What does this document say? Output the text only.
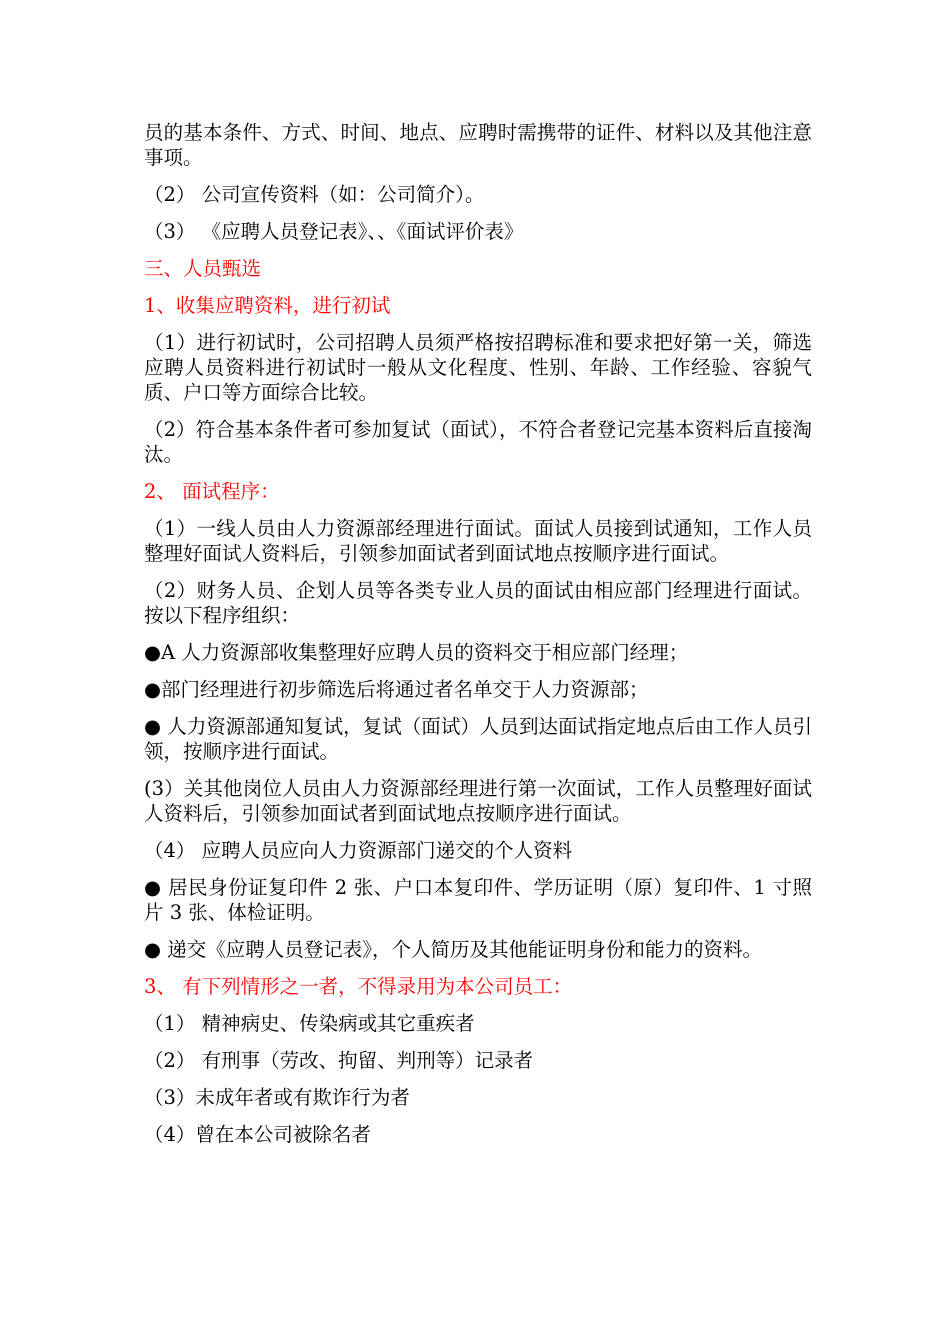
员的基本条件、方式、时间、地点、应聘时需携带的证件、材料以及其他注意事项。

（2） 公司宣传资料（如：公司简介）。

（3） 《应聘人员登记表》、、《面试评价表》

三、人员甄选

1、收集应聘资料，进行初试

（1）进行初试时，公司招聘人员须严格按招聘标准和要求把好第一关，筛选应聘人员资料进行初试时一般从文化程度、性别、年龄、工作经验、容貌气质、户口等方面综合比较。

（2）符合基本条件者可参加复试（面试），不符合者登记完基本资料后直接淘汰。

2、 面试程序：

（1）一线人员由人力资源部经理进行面试。面试人员接到试通知，工作人员整理好面试人资料后，引领参加面试者到面试地点按顺序进行面试。

（2）财务人员、企划人员等各类专业人员的面试由相应部门经理进行面试。按以下程序组织：

●A 人力资源部收集整理好应聘人员的资料交于相应部门经理；

●部门经理进行初步筛选后将通过者名单交于人力资源部；

● 人力资源部通知复试，复试（面试）人员到达面试指定地点后由工作人员引领，按顺序进行面试。

(3）关其他岗位人员由人力资源部经理进行第一次面试，工作人员整理好面试人资料后，引领参加面试者到面试地点按顺序进行面试。

（4） 应聘人员应向人力资源部门递交的个人资料

● 居民身份证复印件 2 张、户口本复印件、学历证明（原）复印件、1 寸照片 3 张、体检证明。

● 递交《应聘人员登记表》，个人简历及其他能证明身份和能力的资料。

3、 有下列情形之一者，不得录用为本公司员工：

（1） 精神病史、传染病或其它重疾者

（2） 有刑事（劳改、拘留、判刑等）记录者

（3）未成年者或有欺诈行为者

（4）曾在本公司被除名者
